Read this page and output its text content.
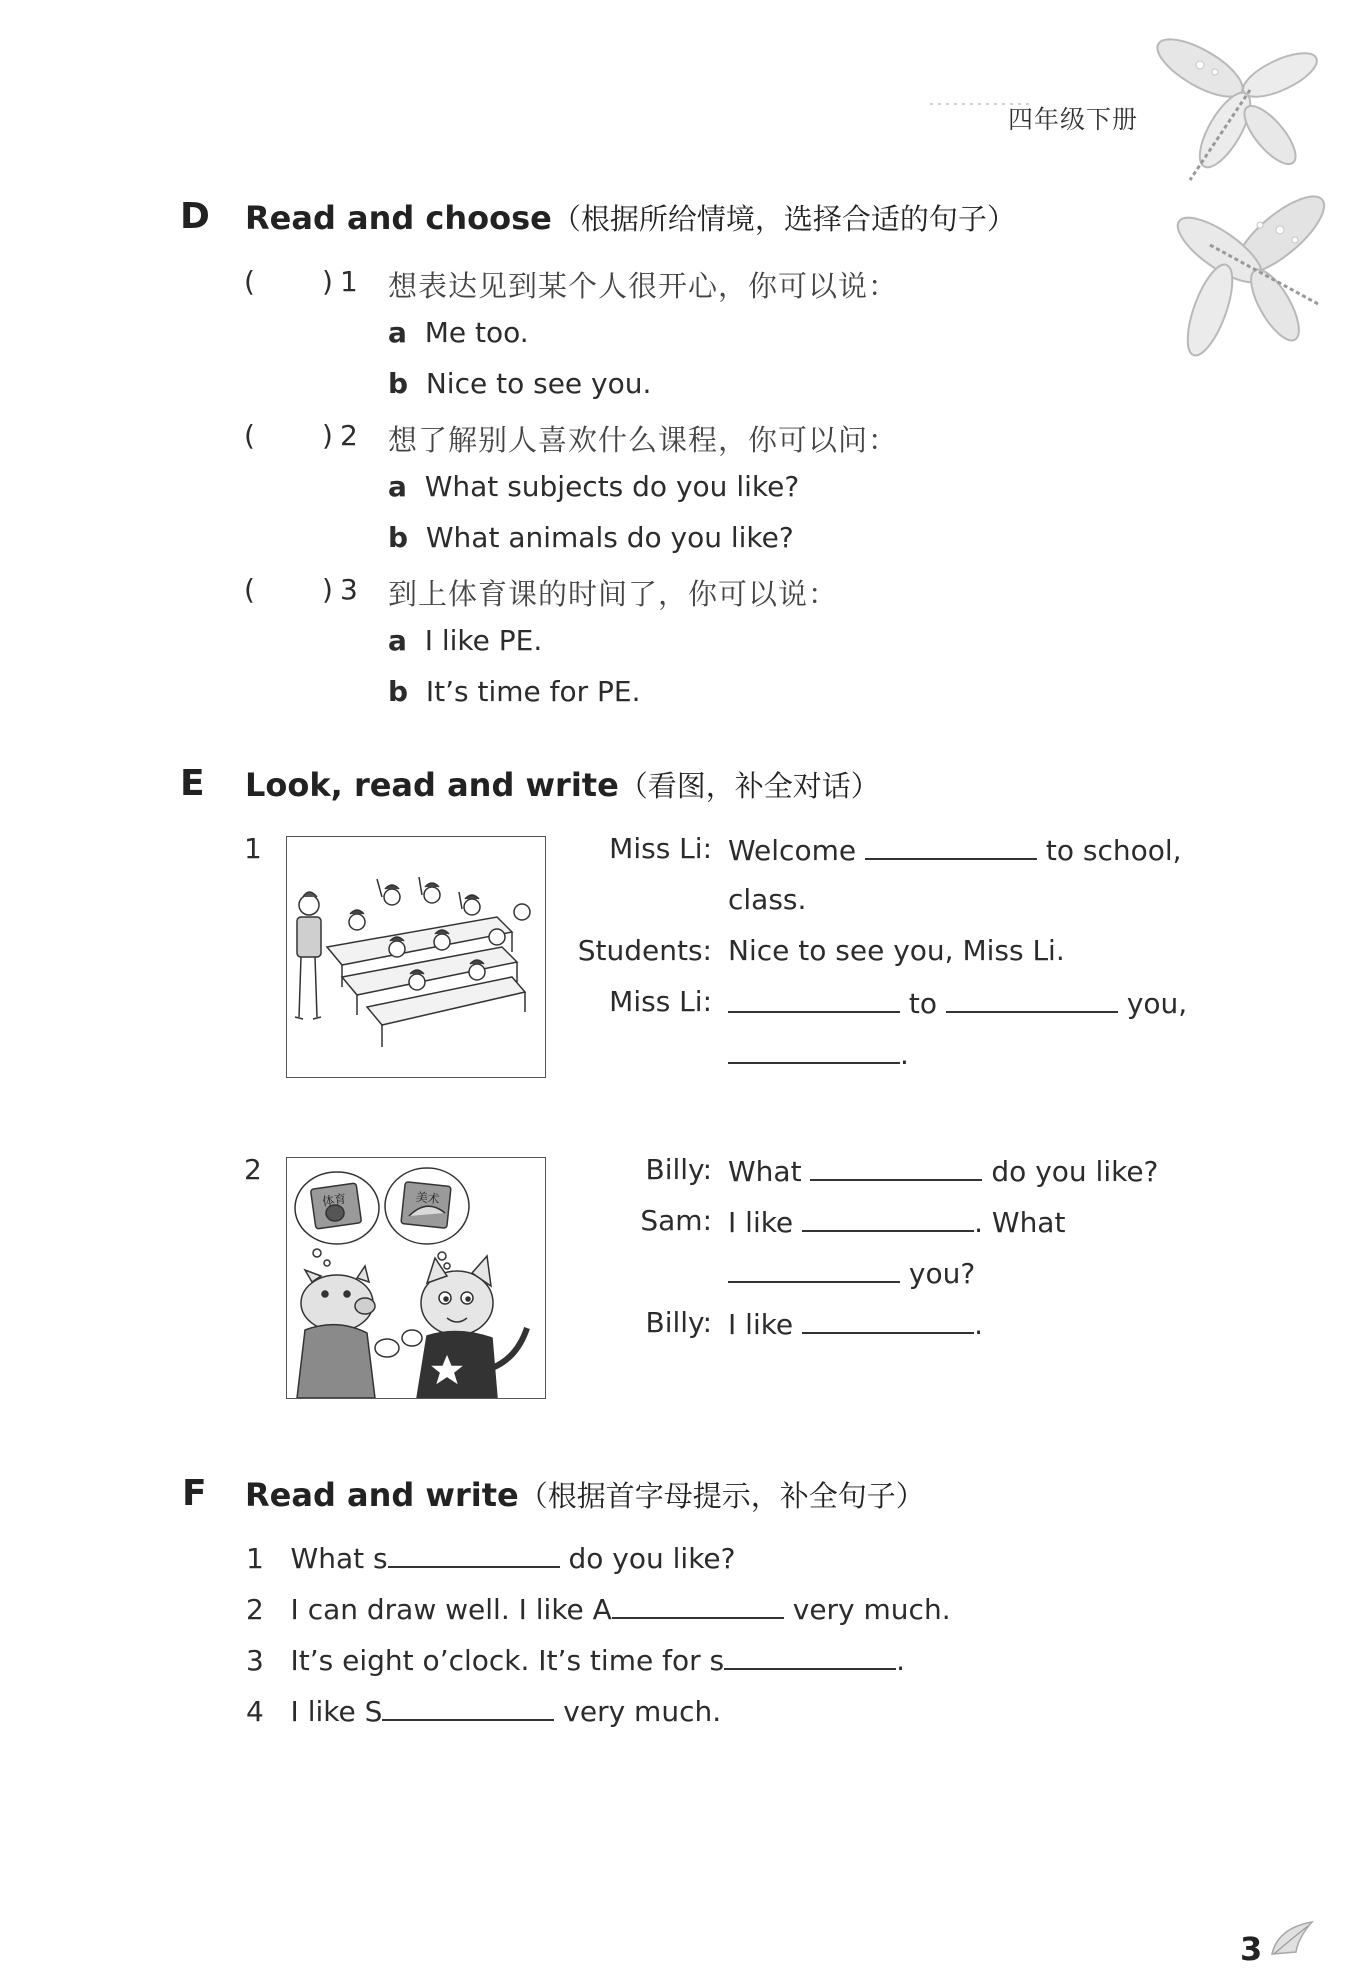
四年级下册
D Read and choose（根据所给情境，选择合适的句子）
( ) 1 想表达见到某个人很开心，你可以说：
a Me too.
b Nice to see you.
( ) 2 想了解别人喜欢什么课程，你可以问：
a What subjects do you like?
b What animals do you like?
( ) 3 到上体育课的时间了，你可以说：
a I like PE.
b It’s time for PE.
E Look, read and write（看图，补全对话）
1	Miss Li: Welcome	to school,
class.
Students: Nice to see you, Miss Li.
Miss Li:	to	you,
.
2
体育	美术
Billy: What	do you like?
Sam: I like	. What
you?
Billy: I like	.
F Read and write（根据首字母提示，补全句子）
1 What s	do you like?
2 I can draw well. I like A	very much.
3 It’s eight o’clock. It’s time for s	.
4 I like S	very much.
3
